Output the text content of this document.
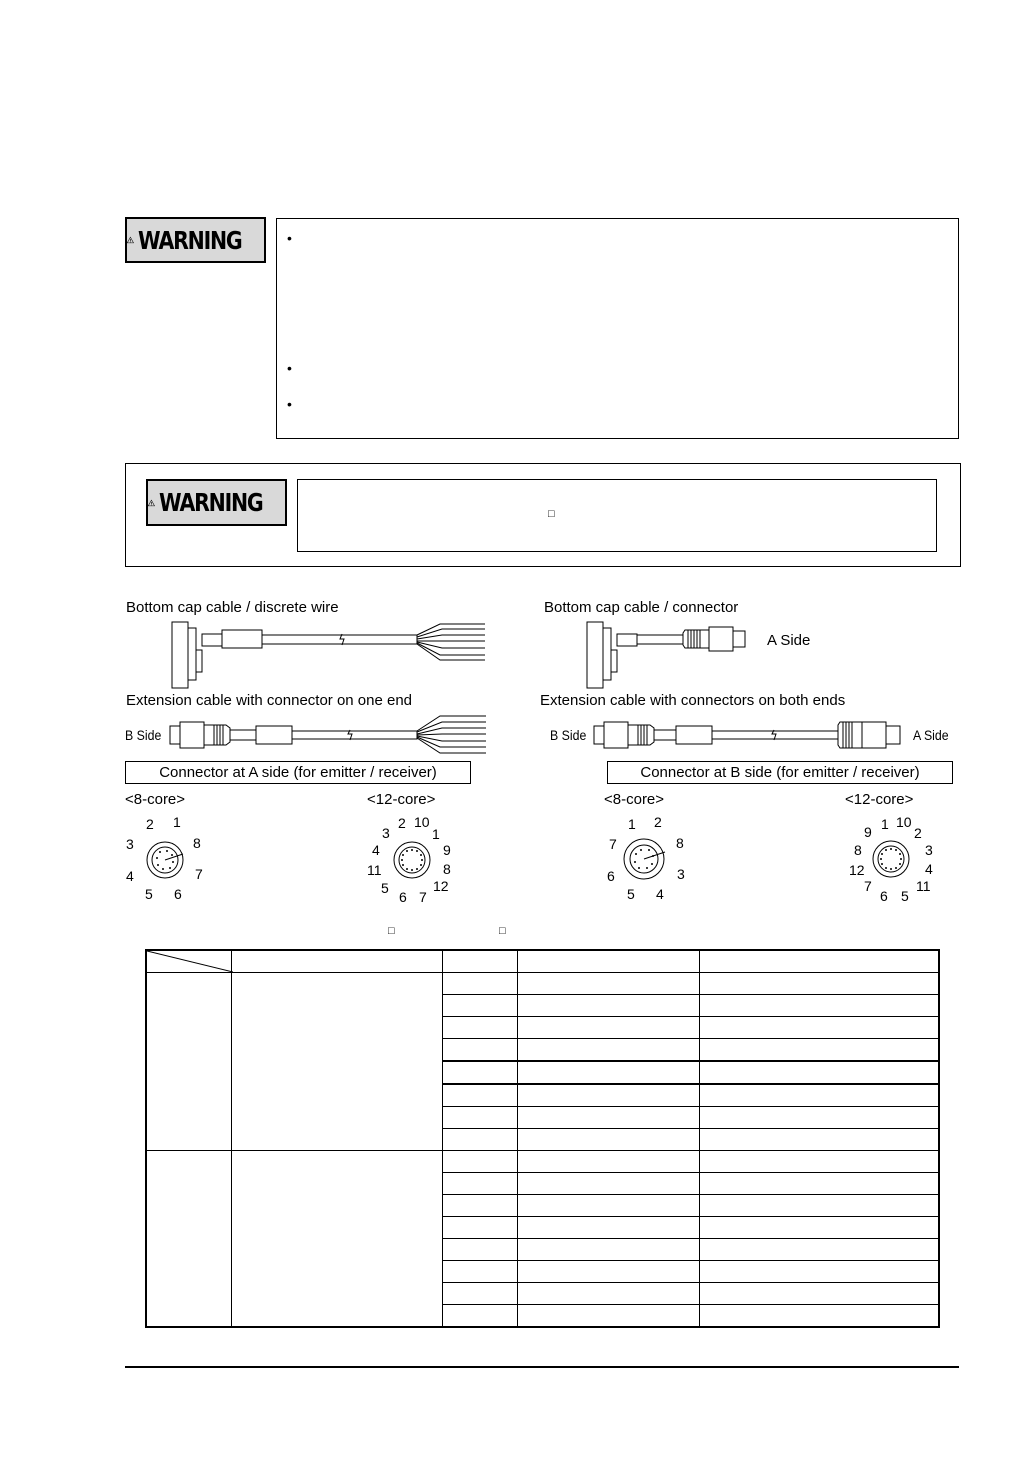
WARNING	•
•
•
WARNING	□
Bottom cap cable / discrete wire	Bottom cap cable / connector
Extension cable with connector on one end	Extension cable with connectors on both ends
A Side
B Side	B Side	A Side
Connector at A side (for emitter / receiver)	Connector at B side (for emitter / receiver)
<8-core>	<12-core>	<8-core>	<12-core>
1
2
3
4
5 6
7
8
1
2
3
4
5
6 7
8
9
10
11
12
1 2
3
4
5
6
7	8
1
2
3
4
5
6
7
8
9
10
11
12
□	□
